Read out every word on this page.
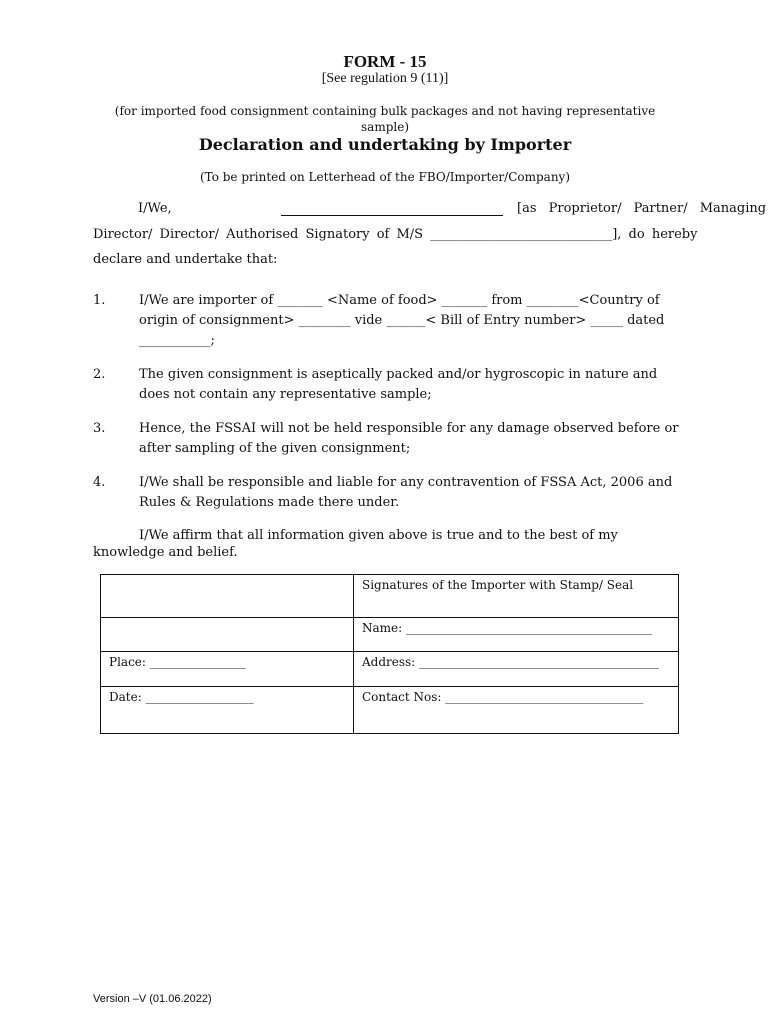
FORM - 15
[See regulation 9 (11)]
(for imported food consignment containing bulk packages and not having representative sample)
Declaration and undertaking by Importer
(To be printed on Letterhead of the FBO/Importer/Company)
I/We,	[as Proprietor/ Partner/ Managing
Director/ Director/ Authorised Signatory of M/S ____________________________], do hereby
declare and undertake that:
1.	I/We are importer of _______ <Name of food> _______ from ________<Country of origin of consignment> ________ vide ______< Bill of Entry number> _____ dated ___________;
2.	The given consignment is aseptically packed and/or hygroscopic in nature and does not contain any representative sample;
3.	Hence, the FSSAI will not be held responsible for any damage observed before or after sampling of the given consignment;
4.	I/We shall be responsible and liable for any contravention of FSSA Act, 2006 and Rules & Regulations made there under.
I/We affirm that all information given above is true and to the best of my knowledge and belief.
	Signatures of the Importer with Stamp/ Seal
	Name: _________________________________________
Place: ________________	Address: ________________________________________
Date: __________________	Contact Nos: _________________________________
Version –V (01.06.2022)
